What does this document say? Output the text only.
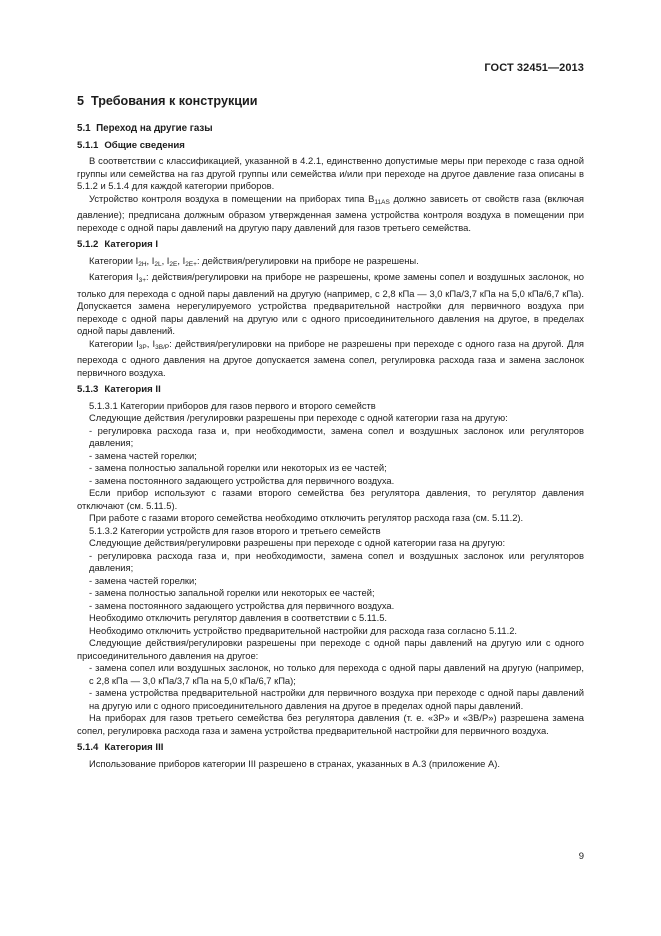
ГОСТ 32451—2013
5 Требования к конструкции
5.1 Переход на другие газы
5.1.1 Общие сведения

В соответствии с классификацией, указанной в 4.2.1, единственно допустимые меры при переходе с газа одной группы или семейства на газ другой группы или семейства и/или при переходе на другое давление газа описаны в 5.1.2 и 5.1.4 для каждой категории приборов.

Устройство контроля воздуха в помещении на приборах типа $B_{11AS}$ должно зависеть от свойств газа (включая давление); предписана должным образом утвержденная замена устройства контроля воздуха в помещении при переходе с одной пары давлений на другую пару давлений для газов третьего семейства.

5.1.2 Категория I

Категории $I_{2H}$, $I_{2L}$, $I_{2E}$, $I_{2E+}$: действия/регулировки на приборе не разрешены.

Категория $I_{3+}$: действия/регулировки на приборе не разрешены, кроме замены сопел и воздушных заслонок, но только для перехода с одной пары давлений на другую (например, с 2,8 кПа — 3,0 кПа/3,7 кПа на 5,0 кПа/6,7 кПа). Допускается замена нерегулируемого устройства предварительной настройки для первичного воздуха при переходе с одной пары давлений на другую или с одного присоединительного давления на другое, в пределах одной пары давлений.

Категории $I_{3P}$, $I_{3B/P}$: действия/регулировки на приборе не разрешены при переходе с одного газа на другой. Для перехода с одного давления на другое допускается замена сопел, регулировка расхода газа и замена заслонок первичного воздуха.

5.1.3 Категория II

5.1.3.1 Категории приборов для газов первого и второго семейств

Следующие действия /регулировки разрешены при переходе с одной категории газа на другую:

- регулировка расхода газа и, при необходимости, замена сопел и воздушных заслонок или регуляторов давления;

- замена частей горелки;

- замена полностью запальной горелки или некоторых из ее частей;

- замена постоянного задающего устройства для первичного воздуха.

Если прибор используют с газами второго семейства без регулятора давления, то регулятор давления отключают (см. 5.11.5).

При работе с газами второго семейства необходимо отключить регулятор расхода газа (см. 5.11.2).

5.1.3.2 Категории устройств для газов второго и третьего семейств

Следующие действия/регулировки разрешены при переходе с одной категории газа на другую:

- регулировка расхода газа и, при необходимости, замена сопел и воздушных заслонок или регуляторов давления;

- замена частей горелки;

- замена полностью запальной горелки или некоторых ее частей;

- замена постоянного задающего устройства для первичного воздуха.

Необходимо отключить регулятор давления в соответствии с 5.11.5.

Необходимо отключить устройство предварительной настройки для расхода газа согласно 5.11.2.

Следующие действия/регулировки разрешены при переходе с одной пары давлений на другую или с одного присоединительного давления на другое:

- замена сопел или воздушных заслонок, но только для перехода с одной пары давлений на другую (например, с 2,8 кПа — 3,0 кПа/3,7 кПа на 5,0 кПа/6,7 кПа);

- замена устройства предварительной настройки для первичного воздуха при переходе с одной пары давлений на другую или с одного присоединительного давления на другое в пределах одной пары давлений.

На приборах для газов третьего семейства без регулятора давления (т. е. «3P» и «3B/P») разрешена замена сопел, регулировка расхода газа и замена устройства предварительной настройки для первичного воздуха.

5.1.4 Категория III

Использование приборов категории III разрешено в странах, указанных в А.3 (приложение А).

9
